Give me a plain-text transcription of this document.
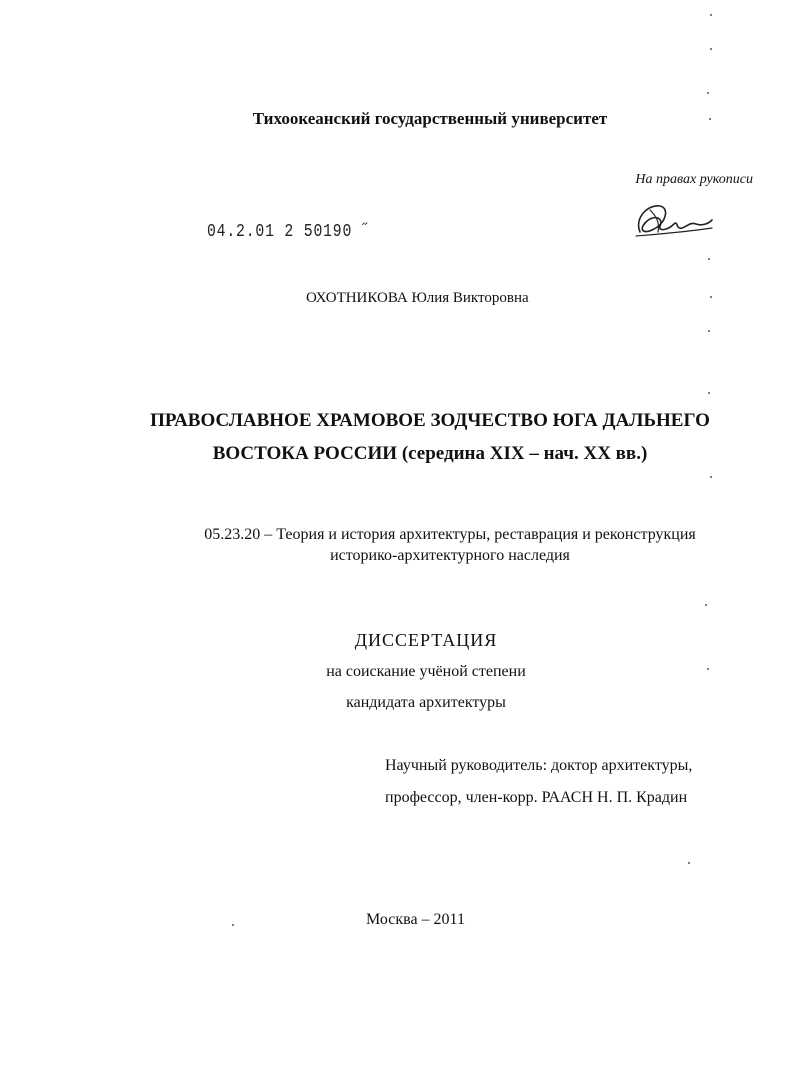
Тихоокеанский государственный университет
На правах рукописи
04.2.01 2 50190 ˝
ОХОТНИКОВА Юлия Викторовна
ПРАВОСЛАВНОЕ ХРАМОВОЕ ЗОДЧЕСТВО ЮГА ДАЛЬНЕГО
ВОСТОКА РОССИИ (середина XIX – нач. XX вв.)
05.23.20 – Теория и история архитектуры, реставрация и реконструкция
историко-архитектурного наследия
ДИССЕРТАЦИЯ
на соискание учёной степени
кандидата архитектуры
Научный руководитель: доктор архитектуры,
профессор, член-корр. РААСН Н. П. Крадин
Москва – 2011
